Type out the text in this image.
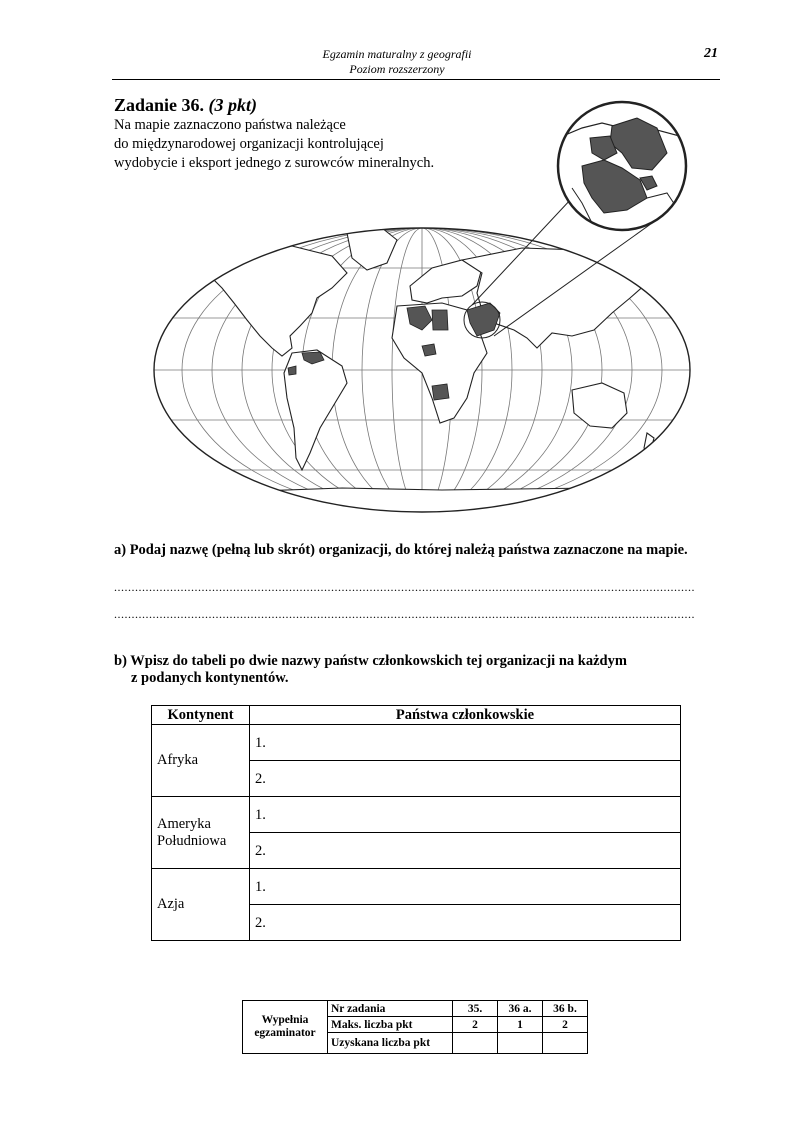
Egzamin maturalny z geografii
Poziom rozszerzony
21
Zadanie 36. (3 pkt)
Na mapie zaznaczono państwa należące
do międzynarodowej organizacji kontrolującej
wydobycie i eksport jednego z surowców mineralnych.
a) Podaj nazwę (pełną lub skrót) organizacji, do której należą państwa zaznaczone na mapie.
......................................................................................................................................................................
......................................................................................................................................................................
b) Wpisz do tabeli po dwie nazwy państw członkowskich tej organizacji na każdym
z podanych kontynentów.
Kontynent	Państwa członkowskie
Afryka	1.
	2.
Ameryka
Południowa	1.
	2.
Azja	1.
	2.
Wypełnia
egzaminator	Nr zadania	35.	36 a.	36 b.
	Maks. liczba pkt	2	1	2
	Uzyskana liczba pkt			
